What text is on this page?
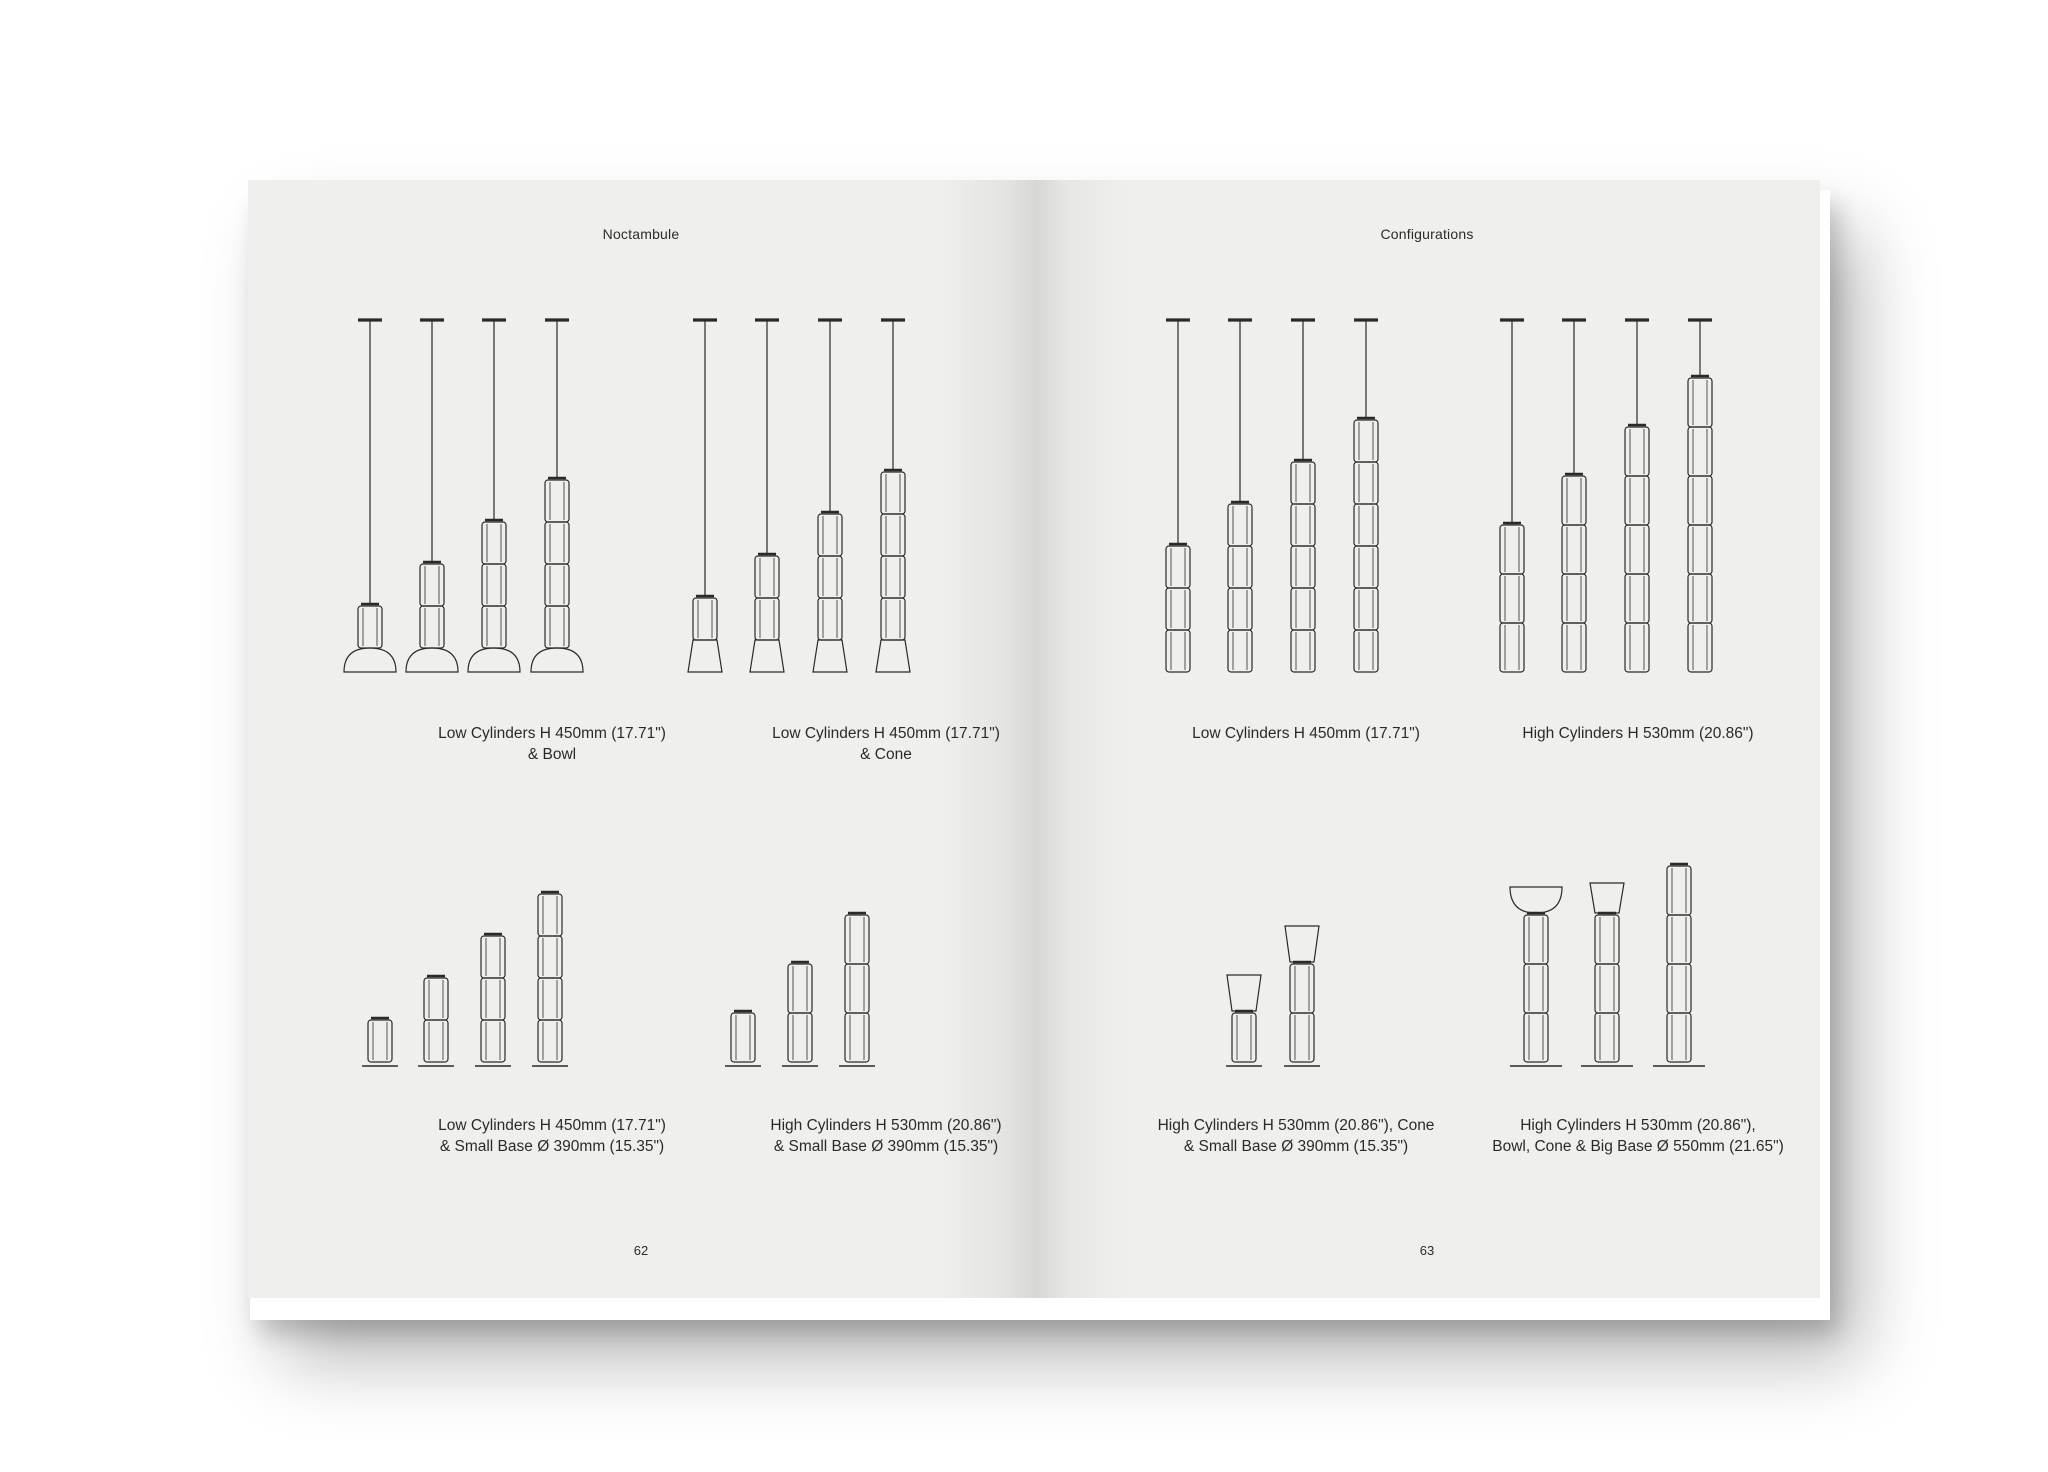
Noctambule
Low Cylinders H 450mm (17.71")
& Bowl
Low Cylinders H 450mm (17.71")
& Cone
Low Cylinders H 450mm (17.71")
& Small Base Ø 390mm (15.35")
High Cylinders H 530mm (20.86")
& Small Base Ø 390mm (15.35")
62
Configurations
Low Cylinders H 450mm (17.71")	High Cylinders H 530mm (20.86")
High Cylinders H 530mm (20.86"), Cone
& Small Base Ø 390mm (15.35")
High Cylinders H 530mm (20.86"),
Bowl, Cone & Big Base Ø 550mm (21.65")
63
